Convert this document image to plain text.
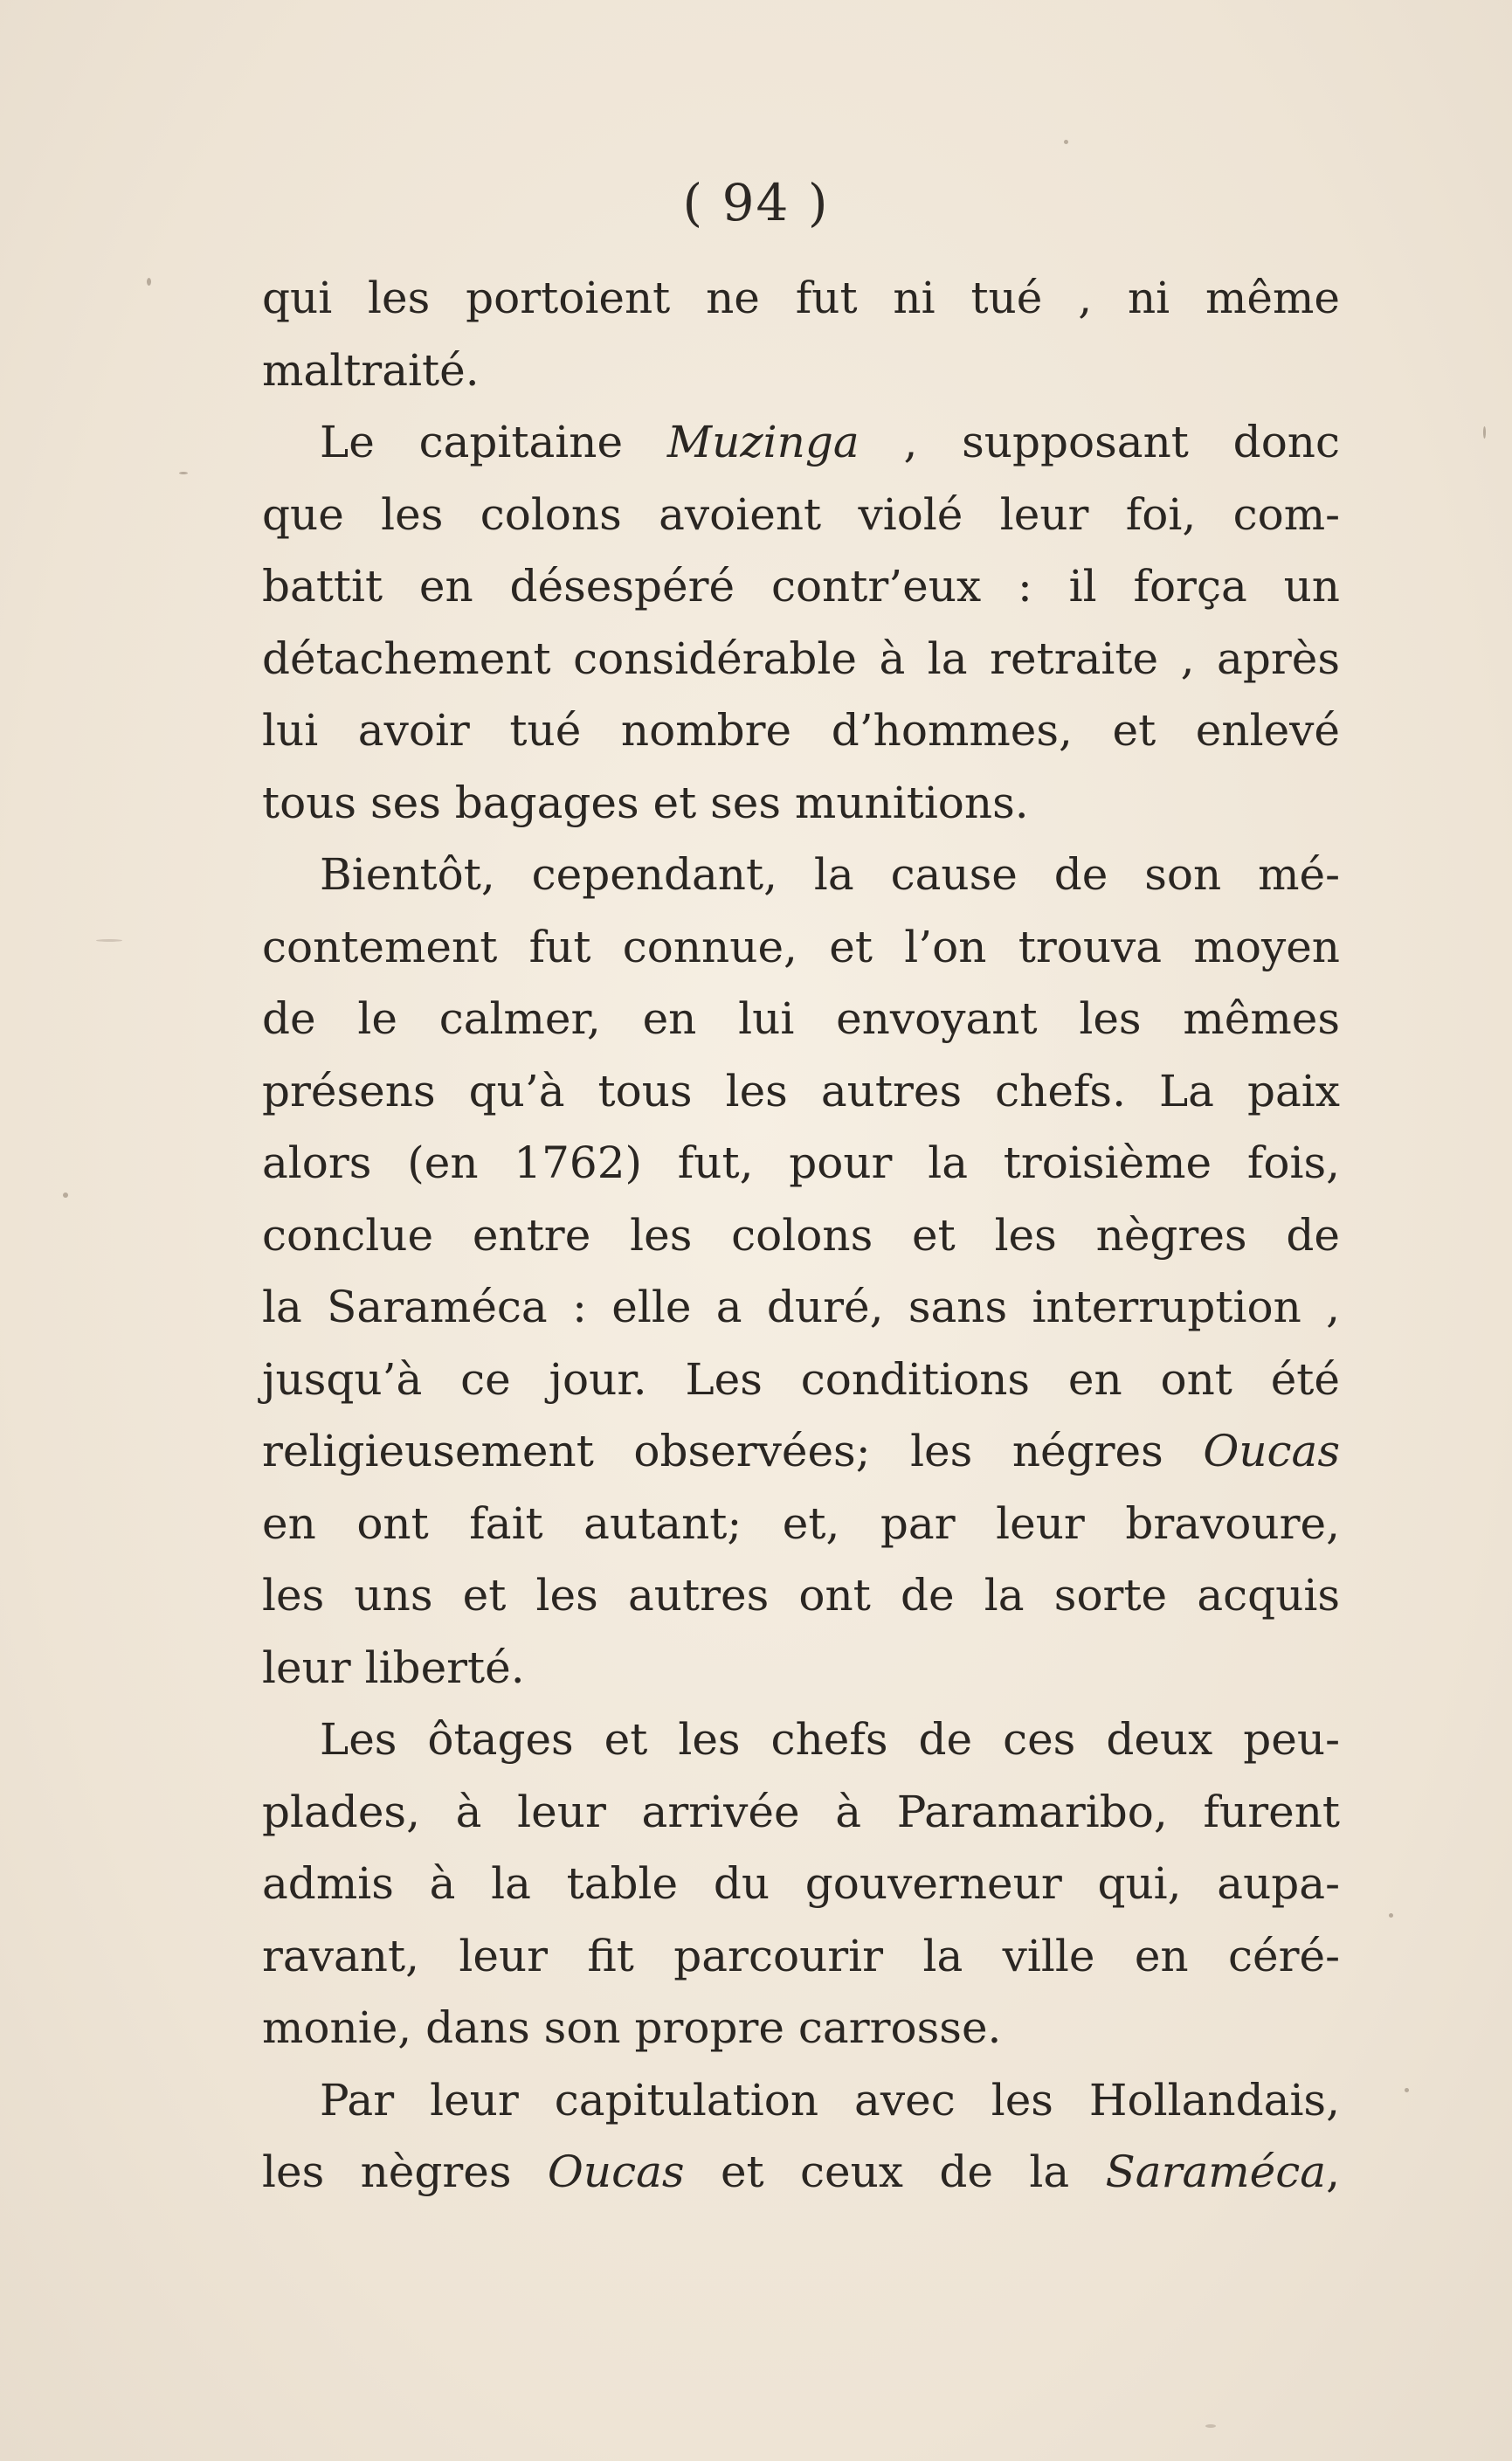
( 94 )
qui les portoient ne fut ni tué , ni même
maltraité.
Le capitaine Muzinga , supposant donc
que les colons avoient violé leur foi, com-
battit en désespéré contr’eux : il força un
détachement considérable à la retraite , après
lui avoir tué nombre d’hommes, et enlevé
tous ses bagages et ses munitions.
Bientôt, cependant, la cause de son mé-
contement fut connue, et l’on trouva moyen
de le calmer, en lui envoyant les mêmes
présens qu’à tous les autres chefs. La paix
alors (en 1762) fut, pour la troisième fois,
conclue entre les colons et les nègres de
la Saraméca : elle a duré, sans interruption ,
jusqu’à ce jour. Les conditions en ont été
religieusement observées; les négres Oucas
en ont fait autant; et, par leur bravoure,
les uns et les autres ont de la sorte acquis
leur liberté.
Les ôtages et les chefs de ces deux peu-
plades, à leur arrivée à Paramaribo, furent
admis à la table du gouverneur qui, aupa-
ravant, leur fit parcourir la ville en céré-
monie, dans son propre carrosse.
Par leur capitulation avec les Hollandais,
les nègres Oucas et ceux de la Saraméca,
